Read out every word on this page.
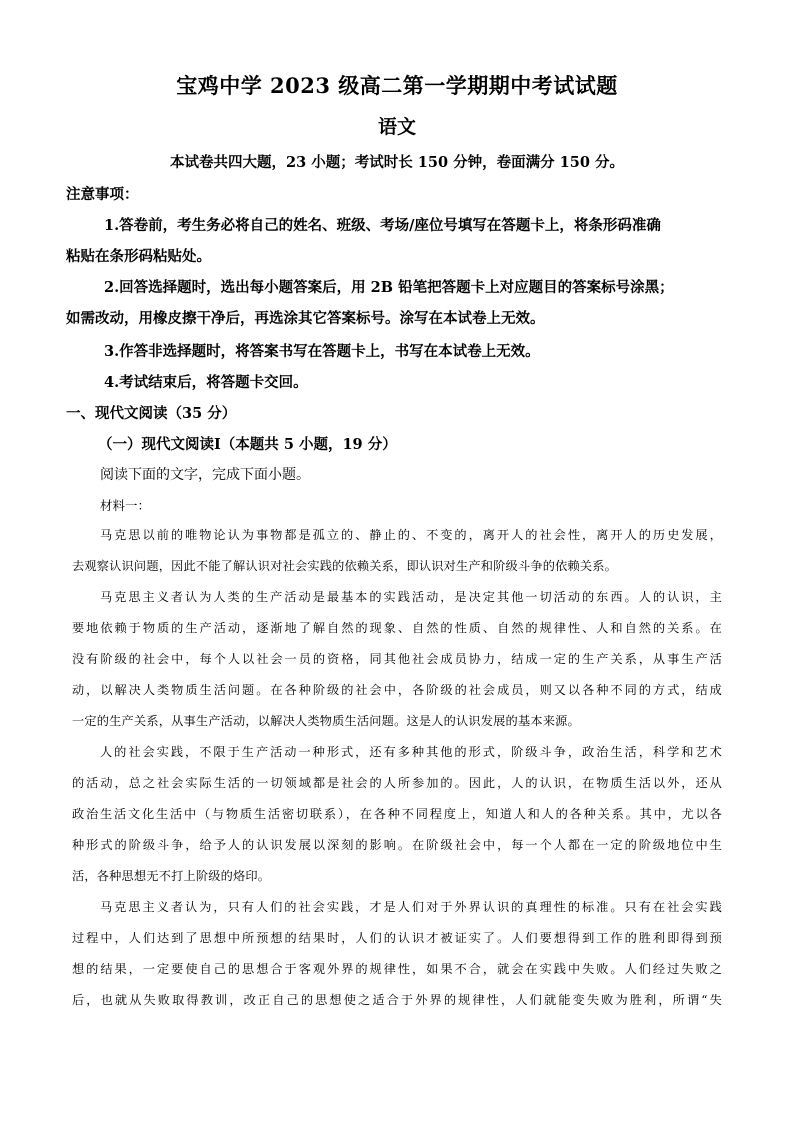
宝鸡中学 2023 级高二第一学期期中考试试题
语文
本试卷共四大题，23 小题；考试时长 150 分钟，卷面满分 150 分。
注意事项：
1.答卷前，考生务必将自己的姓名、班级、考场/座位号填写在答题卡上，将条形码准确
粘贴在条形码粘贴处。
2.回答选择题时，选出每小题答案后，用 2B 铅笔把答题卡上对应题目的答案标号涂黑；
如需改动，用橡皮擦干净后，再选涂其它答案标号。涂写在本试卷上无效。
3.作答非选择题时，将答案书写在答题卡上，书写在本试卷上无效。
4.考试结束后，将答题卡交回。
一、现代文阅读（35 分）
（一）现代文阅读Ⅰ（本题共 5 小题，19 分）
阅读下面的文字，完成下面小题。
材料一：
马克思以前的唯物论认为事物都是孤立的、静止的、不变的，离开人的社会性，离开人的历史发展，
去观察认识问题，因此不能了解认识对社会实践的依赖关系，即认识对生产和阶级斗争的依赖关系。
马克思主义者认为人类的生产活动是最基本的实践活动，是决定其他一切活动的东西。人的认识，主
要地依赖于物质的生产活动，逐渐地了解自然的现象、自然的性质、自然的规律性、人和自然的关系。在
没有阶级的社会中，每个人以社会一员的资格，同其他社会成员协力，结成一定的生产关系，从事生产活
动，以解决人类物质生活问题。在各种阶级的社会中，各阶级的社会成员，则又以各种不同的方式，结成
一定的生产关系，从事生产活动，以解决人类物质生活问题。这是人的认识发展的基本来源。
人的社会实践，不限于生产活动一种形式，还有多种其他的形式，阶级斗争，政治生活，科学和艺术
的活动，总之社会实际生活的一切领域都是社会的人所参加的。因此，人的认识，在物质生活以外，还从
政治生活文化生活中（与物质生活密切联系），在各种不同程度上，知道人和人的各种关系。其中，尤以各
种形式的阶级斗争，给予人的认识发展以深刻的影响。在阶级社会中，每一个人都在一定的阶级地位中生
活，各种思想无不打上阶级的烙印。
马克思主义者认为，只有人们的社会实践，才是人们对于外界认识的真理性的标准。只有在社会实践
过程中，人们达到了思想中所预想的结果时，人们的认识才被证实了。人们要想得到工作的胜利即得到预
想的结果，一定要使自己的思想合于客观外界的规律性，如果不合，就会在实践中失败。人们经过失败之
后，也就从失败取得教训，改正自己的思想使之适合于外界的规律性，人们就能变失败为胜利，所谓“失
